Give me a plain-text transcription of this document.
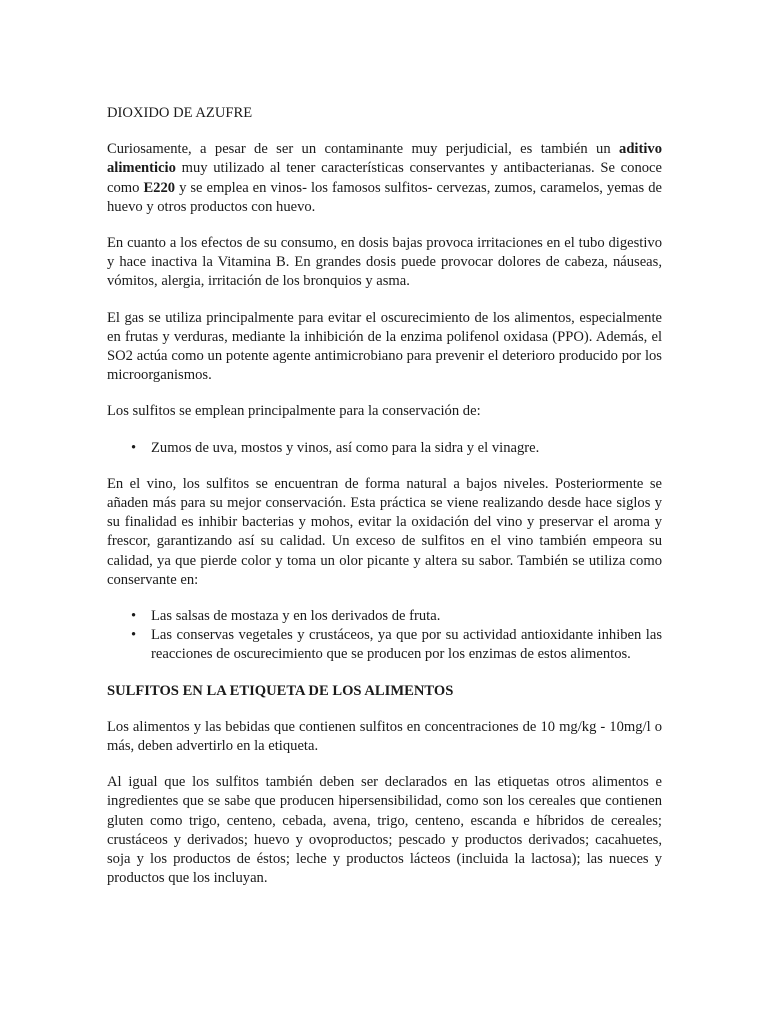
DIOXIDO DE AZUFRE

Curiosamente, a pesar de ser un contaminante muy perjudicial, es también un aditivo alimenticio muy utilizado al tener características conservantes y antibacterianas. Se conoce como E220 y se emplea en vinos- los famosos sulfitos- cervezas, zumos, caramelos, yemas de huevo y otros productos con huevo.

En cuanto a los efectos de su consumo, en dosis bajas provoca irritaciones en el tubo digestivo y hace inactiva la Vitamina B. En grandes dosis puede provocar dolores de cabeza, náuseas, vómitos, alergia, irritación de los bronquios y asma.

El gas se utiliza principalmente para evitar el oscurecimiento de los alimentos, especialmente en frutas y verduras, mediante la inhibición de la enzima polifenol oxidasa (PPO). Además, el SO2 actúa como un potente agente antimicrobiano para prevenir el deterioro producido por los microorganismos.

Los sulfitos se emplean principalmente para la conservación de:

• Zumos de uva, mostos y vinos, así como para la sidra y el vinagre.

En el vino, los sulfitos se encuentran de forma natural a bajos niveles. Posteriormente se añaden más para su mejor conservación. Esta práctica se viene realizando desde hace siglos y su finalidad es inhibir bacterias y mohos, evitar la oxidación del vino y preservar el aroma y frescor, garantizando así su calidad. Un exceso de sulfitos en el vino también empeora su calidad, ya que pierde color y toma un olor picante y altera su sabor. También se utiliza como conservante en:

• Las salsas de mostaza y en los derivados de fruta.
• Las conservas vegetales y crustáceos, ya que por su actividad antioxidante inhiben las reacciones de oscurecimiento que se producen por los enzimas de estos alimentos.
SULFITOS EN LA ETIQUETA DE LOS ALIMENTOS

Los alimentos y las bebidas que contienen sulfitos en concentraciones de 10 mg/kg - 10mg/l o más, deben advertirlo en la etiqueta.

Al igual que los sulfitos también deben ser declarados en las etiquetas otros alimentos e ingredientes que se sabe que producen hipersensibilidad, como son los cereales que contienen gluten como trigo, centeno, cebada, avena, trigo, centeno, escanda e híbridos de cereales; crustáceos y derivados; huevo y ovoproductos; pescado y productos derivados; cacahuetes, soja y los productos de éstos; leche y productos lácteos (incluida la lactosa); las nueces y productos que los incluyan.
